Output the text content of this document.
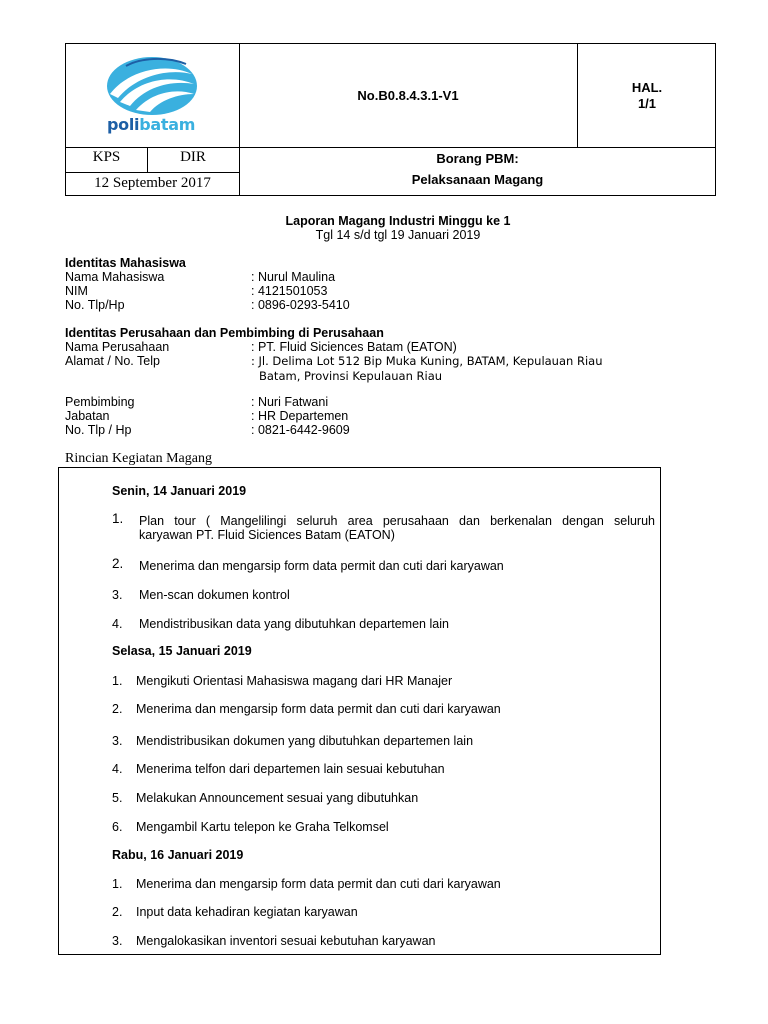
polibatam
No.B0.8.4.3.1-V1
HAL.
1/1
KPS	DIR
12 September 2017
Borang PBM:
Pelaksanaan Magang
Laporan Magang Industri Minggu ke 1
Tgl 14 s/d tgl 19 Januari 2019
Identitas Mahasiswa
Nama Mahasiswa	: Nurul Maulina
NIM	: 4121501053
No. Tlp/Hp	: 0896-0293-5410
Identitas Perusahaan dan Pembimbing di Perusahaan
Nama Perusahaan	: PT. Fluid Siciences Batam (EATON)
Alamat / No. Telp	: Jl. Delima Lot 512 Bip Muka Kuning, BATAM, Kepulauan Riau
Batam, Provinsi Kepulauan Riau
Pembimbing	: Nuri Fatwani
Jabatan	: HR Departemen
No. Tlp / Hp	: 0821-6442-9609
Rincian Kegiatan Magang
Senin, 14 Januari 2019
1.	Plan tour ( Mangelilingi seluruh area perusahaan dan berkenalan dengan seluruh
karyawan PT. Fluid Siciences Batam (EATON)
2.	Menerima dan mengarsip form data permit dan cuti dari karyawan
3.	Men-scan dokumen kontrol
4.	Mendistribusikan data yang dibutuhkan departemen lain
Selasa, 15 Januari 2019
1.	Mengikuti Orientasi Mahasiswa magang dari HR Manajer
2.	Menerima dan mengarsip form data permit dan cuti dari karyawan
3.	Mendistribusikan dokumen yang dibutuhkan departemen lain
4.	Menerima telfon dari departemen lain sesuai kebutuhan
5.	Melakukan Announcement sesuai yang dibutuhkan
6.	Mengambil Kartu telepon ke Graha Telkomsel
Rabu, 16 Januari 2019
1.	Menerima dan mengarsip form data permit dan cuti dari karyawan
2.	Input data kehadiran kegiatan karyawan
3.	Mengalokasikan inventori sesuai kebutuhan karyawan
